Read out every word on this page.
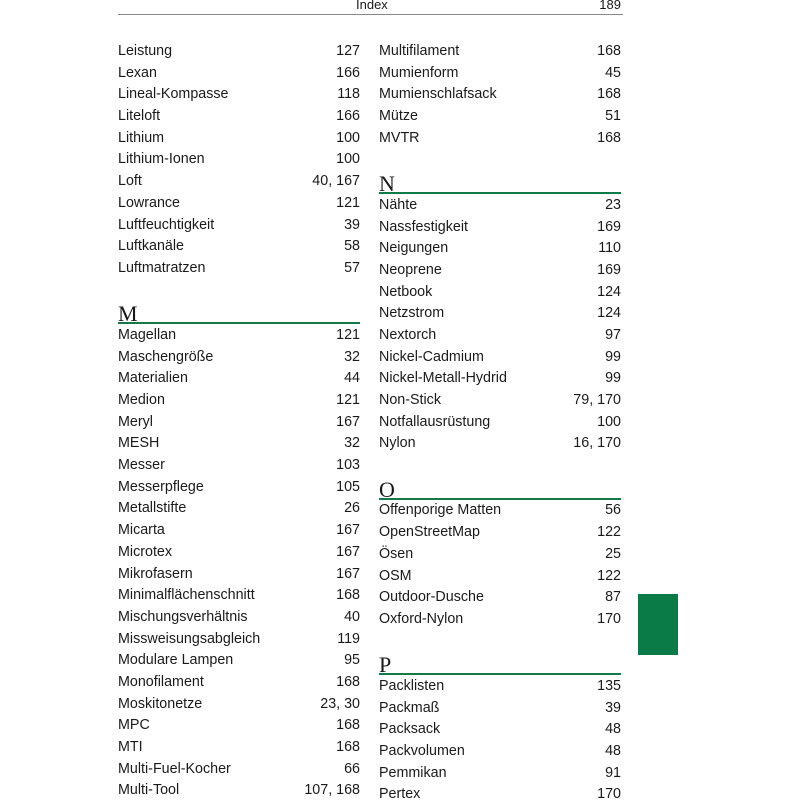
Index	189
Leistung	127
Lexan	166
Lineal-Kompasse	118
Liteloft	166
Lithium	100
Lithium-Ionen	100
Loft	40, 167
Lowrance	121
Luftfeuchtigkeit	39
Luftkanäle	58
Luftmatratzen	57
M
Magellan	121
Maschengröße	32
Materialien	44
Medion	121
Meryl	167
MESH	32
Messer	103
Messerpflege	105
Metallstifte	26
Micarta	167
Microtex	167
Mikrofasern	167
Minimalflächenschnitt	168
Mischungsverhältnis	40
Missweisungsabgleich	119
Modulare Lampen	95
Monofilament	168
Moskitonetze	23, 30
MPC	168
MTI	168
Multi-Fuel-Kocher	66
Multi-Tool	107, 168
Multifilament	168
Mumienform	45
Mumienschlafsack	168
Mütze	51
MVTR	168
N
Nähte	23
Nassfestigkeit	169
Neigungen	110
Neoprene	169
Netbook	124
Netzstrom	124
Nextorch	97
Nickel-Cadmium	99
Nickel-Metall-Hydrid	99
Non-Stick	79, 170
Notfallausrüstung	100
Nylon	16, 170
O
Offenporige Matten	56
OpenStreetMap	122
Ösen	25
OSM	122
Outdoor-Dusche	87
Oxford-Nylon	170
P
Packlisten	135
Packmaß	39
Packsack	48
Packvolumen	48
Pemmikan	91
Pertex	170
